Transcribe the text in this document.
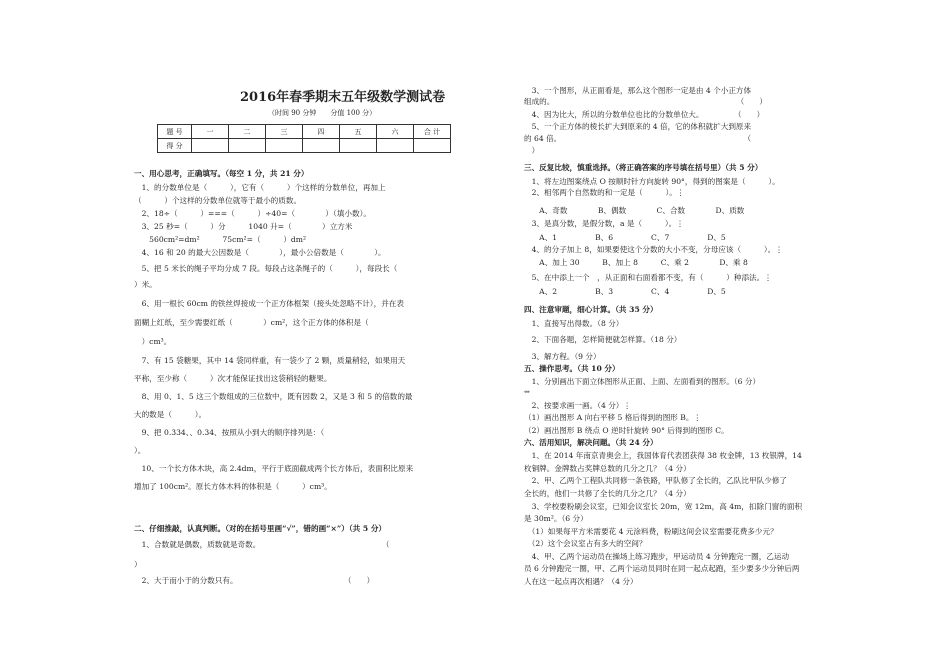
2016年春季期末五年级数学测试卷
（时间 90 分钟　　分值 100 分）
题 号	一	二	三	四	五	六	合 计
得 分							
一、用心思考，正确填写。（每空 1 分，共 21 分）
　1、的分数单位是（　　　），它有（　　　）个这样的分数单位，再加上
（　　　）个这样的分数单位就等于最小的质数。
　2、18÷（　　　）===（　　　）÷40=（　　　　）（填小数）。
　3、25 秒=（　　　）分　　　1040 升=（　　　　）立方米
　　560cm²=dm²　　　75cm²=（　　　）dm²
　4、16 和 20 的最大公因数是（　　　　），最小公倍数是（　　　　）。
　5、把 5 米长的绳子平均分成 7 段。每段占这条绳子的（　　　），每段长（
）米。
　6、用一根长 60cm 的铁丝焊接成一个正方体框架（接头处忽略不计），并在表
面糊上红纸，至少需要红纸（　　　　）cm²，这个正方体的体积是（
　）cm³。
　7、有 15 袋糖果，其中 14 袋同样重，有一袋少了 2 颗，质量稍轻，如果用天
平称，至少称（　　　）次才能保证找出这袋稍轻的糖果。
　8、用 0、1、5 这三个数组成的三位数中，既有因数 2，又是 3 和 5 的倍数的最
大的数是（　　　）。
　9、把 0.334、、0.34、按照从小到大的顺序排列是：（
）。
　10、一个长方体木块，高 2.4dm，平行于底面截成两个长方体后，表面积比原来
增加了 100cm²。原长方体木料的体积是（　　　）cm³。
二、仔细推敲，认真判断。（对的在括号里画“√”，错的画“×”）（共 5 分）
　1、合数就是偶数，质数就是奇数。　　　　　　　　　　　　　　　　　（
）
　2、大于而小于的分数只有。　　　　　　　　　　　　　　　（　　）
　3、一个图形，从正面看是，那么这个图形一定是由 4 个小正方体
组成的。　　　　　　　　　　　　　　　　　　　　　　　　　（　　）
　4、因为比大，所以的分数单位也比的分数单位大。　　　　　（　　）
　5、一个正方体的棱长扩大到原来的 4 倍，它的体积就扩大到原来
的 64 倍。　　　　　　　　　　　　　　　　　　　　　　　　　（
　）
三、反复比较，慎重选择。（将正确答案的序号填在括号里）（共 5 分）
　1、将左边图案绕点 O 按顺时针方向旋转 90°，得到的图案是（　　　）。
　2、相邻两个自然数的和一定是（　　　）。⋮
　　A、奇数　　　　B、偶数　　　　C、合数　　　　D、质数
　3、是真分数，是假分数，a 是（　　　）。⋮
　　A、1　　　　　B、6　　　　　C、7　　　　　D、5
　4、的分子加上 8，如果要使这个分数的大小不变，分母应该（　　　）。⋮
　　A、加上 30　　　B、加上 8　　　C、乘 2　　　　D、乘 8
　5、在中添上一个　，从正面和右面看都不变，有（　　　）种添法。⋮
　　A、2　　　　　B、3　　　　　C、4　　　　　D、5
四、注意审题，细心计算。（共 35 分）
　1、直接写出得数。（8 分）
　2、下面各题，怎样简便就怎样算。（18 分）
　3、解方程。（9 分）
五、操作思考。（共 10 分）
　1、分别画出下面立体图形从正面、上面、左面看到的图形。（6 分）
　2、按要求画一画。（4 分）⋮
（1）画出图形 A 向右平移 5 格后得到的图形 B。⋮
（2）画出图形 B 绕点 O 逆时针旋转 90° 后得到的图形 C。
六、活用知识，解决问题。（共 24 分）
　1、在 2014 年南京青奥会上，我国体育代表团获得 38 枚金牌，13 枚银牌，14
枚铜牌。金牌数占奖牌总数的几分之几？（4 分）
　2、甲、乙两个工程队共同修一条铁路，甲队修了全长的，乙队比甲队少修了
全长的，他们一共修了全长的几分之几？（4 分）
　3、学校要粉刷会议室，已知会议室长 20m，宽 12m，高 4m，扣除门窗的面积
是 30m²。（6 分）
　（1）如果每平方米需要花 4 元涂料费，粉刷这间会议室需要花费多少元？
　（2）这个会议室占有多大的空间？
　4、甲、乙两个运动员在操场上练习跑步，甲运动员 4 分钟跑完一圈，乙运动
员 6 分钟跑完一圈，甲、乙两个运动员同时在同一起点起跑，至少要多少分钟后两
人在这一起点再次相遇？（4 分）
↭
